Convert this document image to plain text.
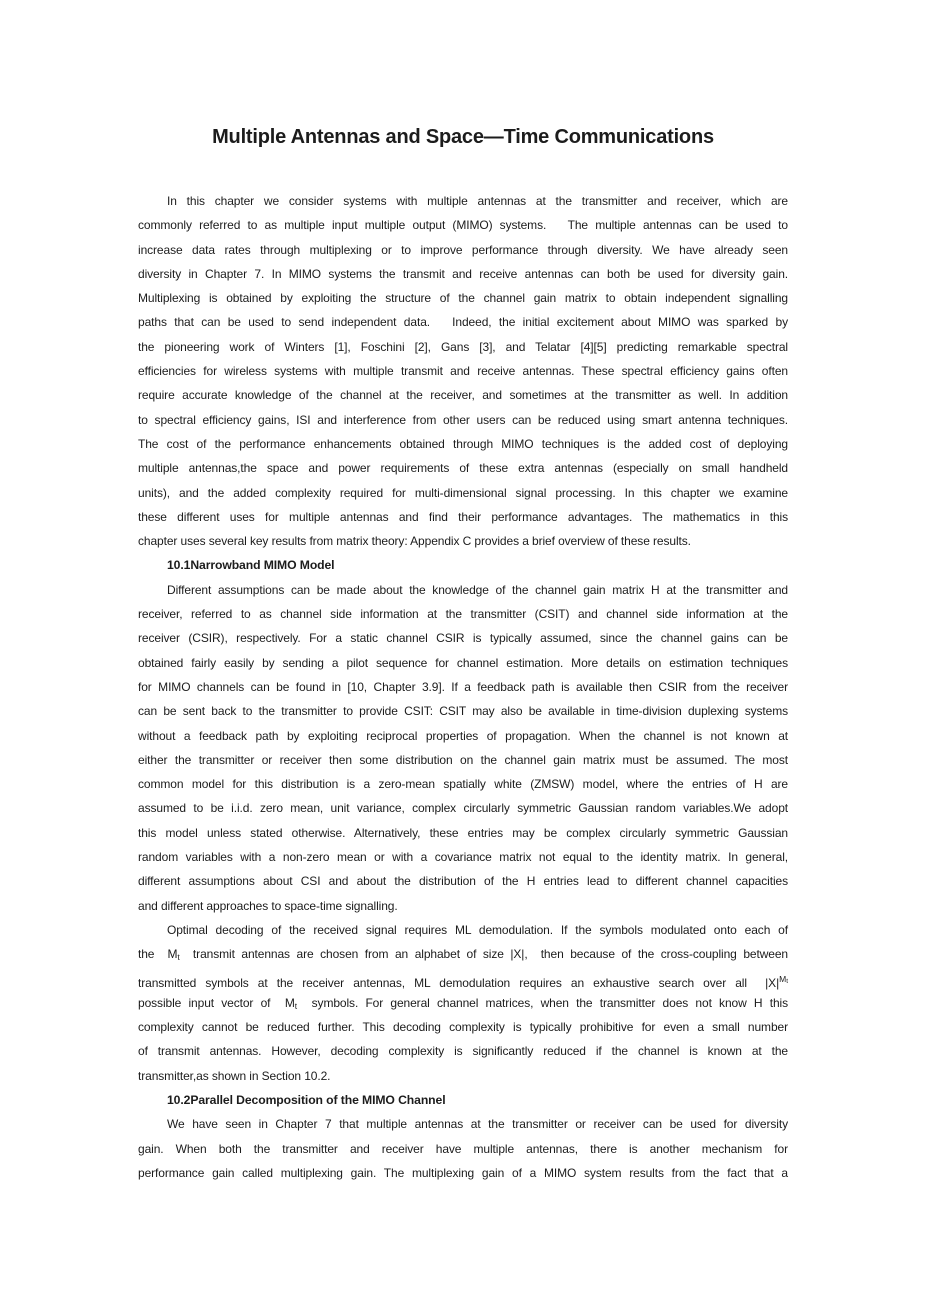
Multiple Antennas and Space—Time Communications
In this chapter we consider systems with multiple antennas at the transmitter and receiver, which are
commonly referred to as multiple input multiple output (MIMO) systems.   The multiple antennas can be used to
increase data rates through multiplexing or to improve performance through diversity. We have already seen
diversity in Chapter 7. In MIMO systems the transmit and receive antennas can both be used for diversity gain.
Multiplexing is obtained by exploiting the structure of the channel gain matrix to obtain independent signalling
paths that can be used to send independent data.   Indeed, the initial excitement about MIMO was sparked by
the pioneering work of Winters [1], Foschini [2], Gans [3], and Telatar [4][5] predicting remarkable spectral
efficiencies for wireless systems with multiple transmit and receive antennas. These spectral efficiency gains often
require accurate knowledge of the channel at the receiver, and sometimes at the transmitter as well. In addition
to spectral efficiency gains, ISI and interference from other users can be reduced using smart antenna techniques.
The cost of the performance enhancements obtained through MIMO techniques is the added cost of deploying
multiple antennas,the space and power requirements of these extra antennas (especially on small handheld
units), and the added complexity required for multi-dimensional signal processing. In this chapter we examine
these different uses for multiple antennas and find their performance advantages. The mathematics in this
chapter uses several key results from matrix theory: Appendix C provides a brief overview of these results.
10.1Narrowband MIMO Model
Different assumptions can be made about the knowledge of the channel gain matrix H at the transmitter and
receiver, referred to as channel side information at the transmitter (CSIT) and channel side information at the
receiver (CSIR), respectively. For a static channel CSIR is typically assumed, since the channel gains can be
obtained fairly easily by sending a pilot sequence for channel estimation. More details on estimation techniques
for MIMO channels can be found in [10, Chapter 3.9]. If a feedback path is available then CSIR from the receiver
can be sent back to the transmitter to provide CSIT: CSIT may also be available in time-division duplexing systems
without a feedback path by exploiting reciprocal properties of propagation. When the channel is not known at
either the transmitter or receiver then some distribution on the channel gain matrix must be assumed. The most
common model for this distribution is a zero-mean spatially white (ZMSW) model, where the entries of H are
assumed to be i.i.d. zero mean, unit variance, complex circularly symmetric Gaussian random variables.We adopt
this model unless stated otherwise. Alternatively, these entries may be complex circularly symmetric Gaussian
random variables with a non-zero mean or with a covariance matrix not equal to the identity matrix. In general,
different assumptions about CSI and about the distribution of the H entries lead to different channel capacities
and different approaches to space-time signalling.
Optimal decoding of the received signal requires ML demodulation. If the symbols modulated onto each of
the  $M_t$  transmit antennas are chosen from an alphabet of size |X|,  then because of the cross-coupling between
transmitted symbols at the receiver antennas, ML demodulation requires an exhaustive search over all  $|X|^{M_t}$
possible input vector of  $M_t$  symbols. For general channel matrices, when the transmitter does not know H this
complexity cannot be reduced further. This decoding complexity is typically prohibitive for even a small number
of transmit antennas. However, decoding complexity is significantly reduced if the channel is known at the
transmitter,as shown in Section 10.2.
10.2Parallel Decomposition of the MIMO Channel
We have seen in Chapter 7 that multiple antennas at the transmitter or receiver can be used for diversity
gain. When both the transmitter and receiver have multiple antennas, there is another mechanism for
performance gain called multiplexing gain. The multiplexing gain of a MIMO system results from the fact that a
